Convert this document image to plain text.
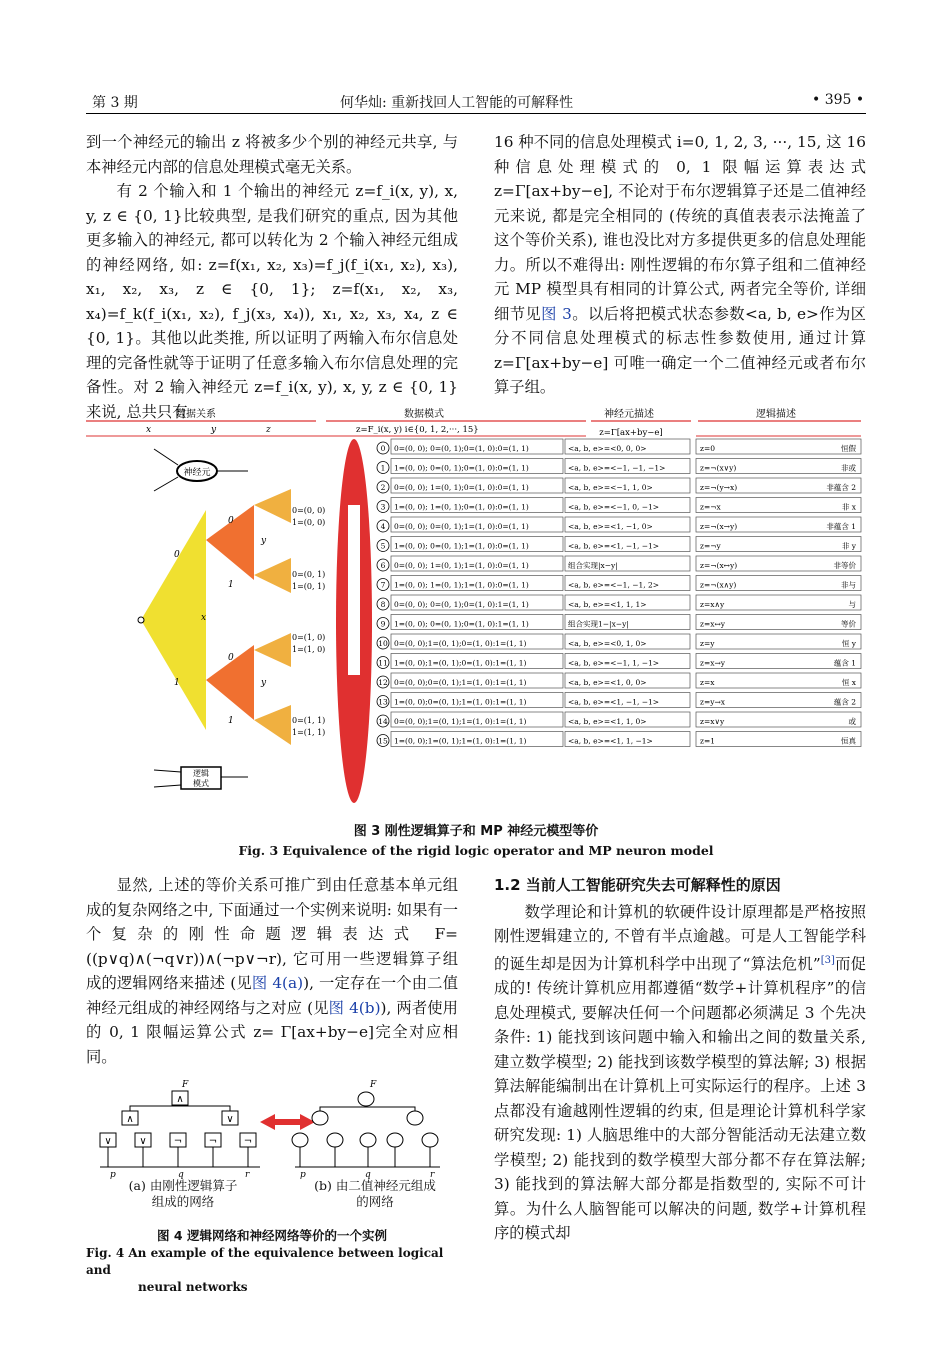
第 3 期	何华灿: 重新找回人工智能的可解释性	• 395 •

到一个神经元的输出 z 将被多少个别的神经元共享, 与本神经元内部的信息处理模式毫无关系。

有 2 个输入和 1 个输出的神经元 z=f_i(x, y), x, y, z ∈ {0, 1}比较典型, 是我们研究的重点, 因为其他更多输入的神经元, 都可以转化为 2 个输入神经元组成的神经网络, 如: z=f(x₁, x₂, x₃)=f_j(f_i(x₁, x₂), x₃), x₁, x₂, x₃, z ∈ {0, 1}; z=f(x₁, x₂, x₃, x₄)=f_k(f_i(x₁, x₂), f_j(x₃, x₄)), x₁, x₂, x₃, x₄, z ∈ {0, 1}。其他以此类推, 所以证明了两输入布尔信息处理的完备性就等于证明了任意多输入布尔信息处理的完备性。对 2 输入神经元 z=f_i(x, y), x, y, z ∈ {0, 1}来说, 总共只有

16 种不同的信息处理模式 i=0, 1, 2, 3, ···, 15, 这 16 种信息处理模式的 0, 1 限幅运算表达式 z=Γ[ax+by−e], 不论对于布尔逻辑算子还是二值神经元来说, 都是完全相同的 (传统的真值表表示法掩盖了这个等价关系), 谁也没比对方多提供更多的信息处理能力。所以不难得出: 刚性逻辑的布尔算子组和二值神经元 MP 模型具有相同的计算公式, 两者完全等价, 详细细节见图 3。以后将把模式状态参数<a, b, e>作为区分不同信息处理模式的标志性参数使用, 通过计算 z=Γ[ax+by−e] 可唯一确定一个二值神经元或者布尔算子组。

数据关系	数据模式	神经元描述	逻辑描述
x	y	z	z=F_i(x, y) i∈{0, 1, 2,···, 15}	z=Γ[ax+by−e]
神经元
逻辑
模式
0
1
0
1
0
1
x
y
y
0=(0, 0)
1=(0, 0)
0=(0, 1)
1=(0, 1)
0=(1, 0)
1=(1, 0)
0=(1, 1)
1=(1, 1)
0 0=(0, 0); 0=(0, 1);0=(1, 0):0=(1, 1)	<a, b, e>=<0, 0, 0>	z=0	恒假
1 1=(0, 0); 0=(0, 1);0=(1, 0):0=(1, 1)	<a, b, e>=<−1, −1, −1>	z=¬(x∨y)	非或
2 0=(0, 0); 1=(0, 1);0=(1, 0):0=(1, 1)	<a, b, e>=<−1, 1, 0>	z=¬(y→x)	非蕴含 2
3 1=(0, 0); 1=(0, 1);0=(1, 0):0=(1, 1)	<a, b, e>=<−1, 0, −1>	z=¬x	非 x
4 0=(0, 0); 0=(0, 1);1=(1, 0):0=(1, 1)	<a, b, e>=<1, −1, 0>	z=¬(x→y)	非蕴含 1
5 1=(0, 0); 0=(0, 1);1=(1, 0):0=(1, 1)	<a, b, e>=<1, −1, −1>	z=¬y	非 y
6 0=(0, 0); 1=(0, 1);1=(1, 0):0=(1, 1)	组合实现|x−y|	z=¬(x↔y)	非等价
7 1=(0, 0); 1=(0, 1);1=(1, 0):0=(1, 1)	<a, b, e>=<−1, −1, 2>	z=¬(x∧y)	非与
8 0=(0, 0); 0=(0, 1);0=(1, 0):1=(1, 1)	<a, b, e>=<1, 1, 1>	z=x∧y	与
9 1=(0, 0); 0=(0, 1);0=(1, 0):1=(1, 1)	组合实现1−|x−y|	z=x↔y	等价
10 0=(0, 0);1=(0, 1);0=(1, 0):1=(1, 1)	<a, b, e>=<0, 1, 0>	z=y	恒 y
11 1=(0, 0);1=(0, 1);0=(1, 0):1=(1, 1)	<a, b, e>=<−1, 1, −1>	z=x→y	蕴含 1
12 0=(0, 0);0=(0, 1);1=(1, 0):1=(1, 1)	<a, b, e>=<1, 0, 0>	z=x	恒 x
13 1=(0, 0);0=(0, 1);1=(1, 0):1=(1, 1)	<a, b, e>=<1, −1, −1>	z=y→x	蕴含 2
14 0=(0, 0);1=(0, 1);1=(1, 0):1=(1, 1)	<a, b, e>=<1, 1, 0>	z=x∨y	或
15 1=(0, 0);1=(0, 1);1=(1, 0):1=(1, 1)	<a, b, e>=<1, 1, −1>	z=1	恒真
图 3 刚性逻辑算子和 MP 神经元模型等价
Fig. 3 Equivalence of the rigid logic operator and MP neuron model

显然, 上述的等价关系可推广到由任意基本单元组成的复杂网络之中, 下面通过一个实例来说明: 如果有一个复杂的刚性命题逻辑表达式 F=((p∨q)∧(¬q∨r))∧(¬p∨¬r), 它可用一些逻辑算子组成的逻辑网络来描述 (见图 4(a)), 一定存在一个由二值神经元组成的神经网络与之对应 (见图 4(b)), 两者使用的 0, 1 限幅运算公式 z= Γ[ax+by−e]完全对应相同。

F
∧
∧	∨
∨	∨	¬	¬	¬
p	q	r
F
p	q	r
(a) 由刚性逻辑算子
组成的网络
(b) 由二值神经元组成
的网络
图 4 逻辑网络和神经网络等价的一个实例
Fig. 4 An example of the equivalence between logical and
neural networks

1.2 当前人工智能研究失去可解释性的原因

数学理论和计算机的软硬件设计原理都是严格按照刚性逻辑建立的, 不曾有半点逾越。可是人工智能学科的诞生却是因为计算机科学中出现了“算法危机”[3]而促成的! 传统计算机应用都遵循“数学+计算机程序”的信息处理模式, 要解决任何一个问题都必须满足 3 个先决条件: 1) 能找到该问题中输入和输出之间的数量关系, 建立数学模型; 2) 能找到该数学模型的算法解; 3) 根据算法解能编制出在计算机上可实际运行的程序。上述 3 点都没有逾越刚性逻辑的约束, 但是理论计算机科学家研究发现: 1) 人脑思维中的大部分智能活动无法建立数学模型; 2) 能找到的数学模型大部分都不存在算法解; 3) 能找到的算法解大部分都是指数型的, 实际不可计算。为什么人脑智能可以解决的问题, 数学+计算机程序的模式却
